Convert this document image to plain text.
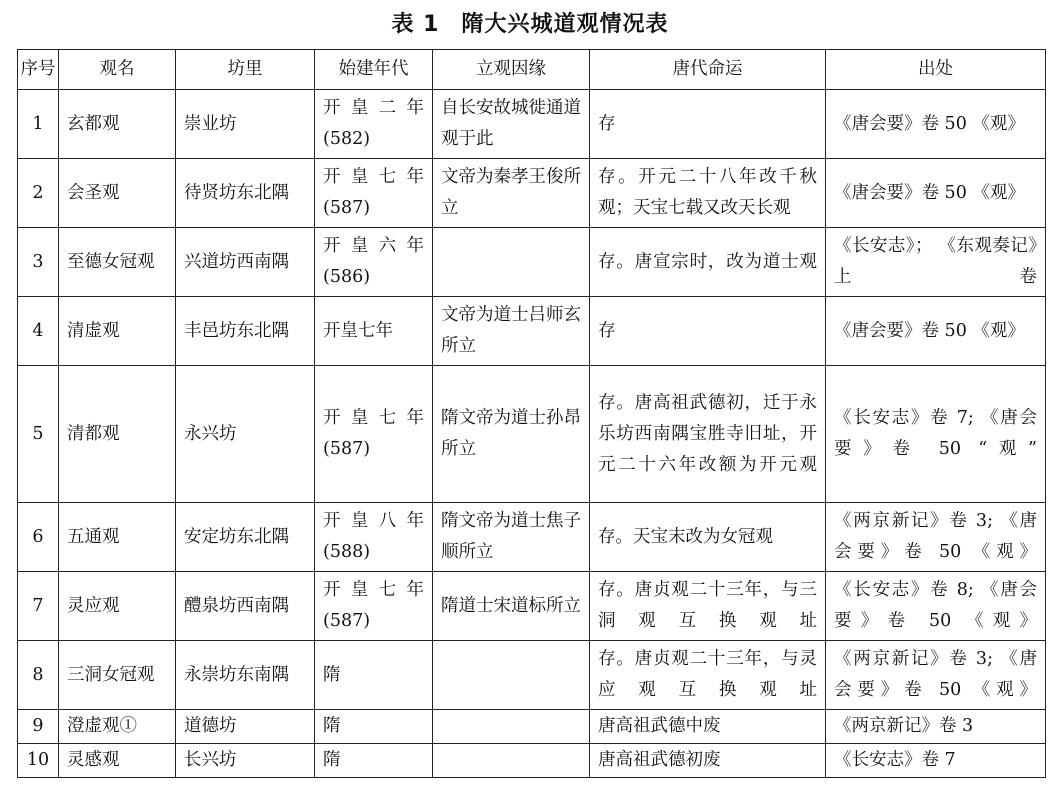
表 1 隋大兴城道观情况表
序号	观名	坊里	始建年代	立观因缘	唐代命运	出处
1	玄都观	崇业坊	开 皇 二 年 (582)	自长安故城徙通道观于此	存	《唐会要》卷 50 《观》
2	会圣观	待贤坊东北隅	开 皇 七 年 (587)	文帝为秦孝王俊所立	存。开元二十八年改千秋观；天宝七载又改天长观	《唐会要》卷 50 《观》
3	至德女冠观	兴道坊西南隅	开 皇 六 年 (586)		存。唐宣宗时，改为道士观	《长安志》； 《东观奏记》上卷
4	清虚观	丰邑坊东北隅	开皇七年	文帝为道士吕师玄所立	存	《唐会要》卷 50 《观》
5	清都观	永兴坊	开 皇 七 年 (587)	隋文帝为道士孙昂所立	存。唐高祖武德初，迁于永乐坊西南隅宝胜寺旧址，开元二十六年改额为开元观	《长安志》卷 7; 《唐会要》卷 50 “观”
6	五通观	安定坊东北隅	开 皇 八 年 (588)	隋文帝为道士焦子顺所立	存。天宝末改为女冠观	《两京新记》卷 3; 《唐会要》卷 50 《观》
7	灵应观	醴泉坊西南隅	开 皇 七 年 (587)	隋道士宋道标所立	存。唐贞观二十三年，与三洞观互换观址	《长安志》卷 8; 《唐会要》卷 50 《观》
8	三洞女冠观	永崇坊东南隅	隋		存。唐贞观二十三年，与灵应观互换观址	《两京新记》卷 3; 《唐会要》卷 50 《观》
9	澄虚观①	道德坊	隋		唐高祖武德中废	《两京新记》卷 3
10	灵感观	长兴坊	隋		唐高祖武德初废	《长安志》卷 7
